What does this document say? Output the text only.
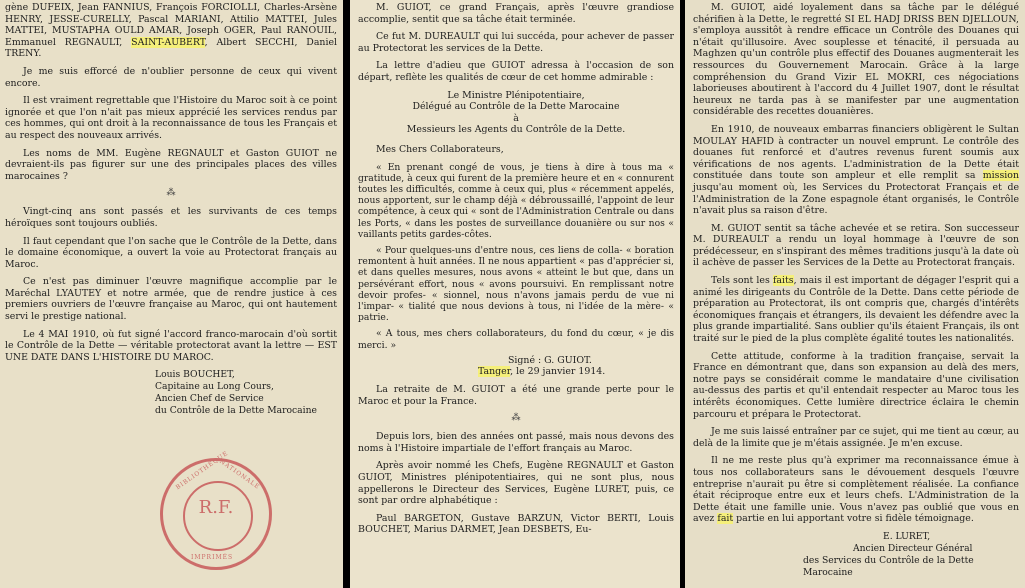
gène DUFEIX, Jean FANNIUS, François FORCIOLLI, Charles-Arsène HENRY, JESSE-CURELLY, Pascal MARIANI, Attilio MATTEI, Jules MATTEI, MUSTAPHA OULD AMAR, Joseph OGER, Paul RANOUIL, Emmanuel REGNAULT, SAINT-AUBERT, Albert SECCHI, Daniel TRENY.

Je me suis efforcé de n'oublier personne de ceux qui vivent encore.

Il est vraiment regrettable que l'Histoire du Maroc soit à ce point ignorée et que l'on n'ait pas mieux apprécié les services rendus par ces hommes, qui ont droit à la reconnaissance de tous les Français et au respect des nouveaux arrivés.

Les noms de MM. Eugène REGNAULT et Gaston GUIOT ne devraient-ils pas figurer sur une des principales places des villes marocaines ?

⁂

Vingt-cinq ans sont passés et les survivants de ces temps héroïques sont toujours oubliés.

Il faut cependant que l'on sache que le Contrôle de la Dette, dans le domaine économique, a ouvert la voie au Protectorat français au Maroc.

Ce n'est pas diminuer l'œuvre magnifique accomplie par le Maréchal LYAUTEY et notre armée, que de rendre justice à ces premiers ouvriers de l'œuvre française au Maroc, qui ont hautement servi le prestige national.

Le 4 MAI 1910, où fut signé l'accord franco-marocain d'où sortit le Contrôle de la Dette — véritable protectorat avant la lettre — EST UNE DATE DANS L'HISTOIRE DU MAROC.

Louis BOUCHET,
Capitaine au Long Cours,
Ancien Chef de Service
du Contrôle de la Dette Marocaine
BIBLIOTHÈQUE
NATIONALE
R.F.
IMPRIMÉS

M. GUIOT, ce grand Français, après l'œuvre grandiose accomplie, sentit que sa tâche était terminée.

Ce fut M. DUREAULT qui lui succéda, pour achever de passer au Protectorat les services de la Dette.

La lettre d'adieu que GUIOT adressa à l'occasion de son départ, reflète les qualités de cœur de cet homme admirable :

Le Ministre Plénipotentiaire,

Délégué au Contrôle de la Dette Marocaine

à

Messieurs les Agents du Contrôle de la Dette.

Mes Chers Collaborateurs,

« En prenant congé de vous, je tiens à dire à tous ma « gratitude, à ceux qui furent de la première heure et en « connurent toutes les difficultés, comme à ceux qui, plus « récemment appelés, nous apportent, sur le champ déjà « débroussaillé, l'appoint de leur compétence, à ceux qui « sont de l'Administration Centrale ou dans les Ports, « dans les postes de surveillance douanière ou sur nos « vaillants petits gardes-côtes.

« Pour quelques-uns d'entre nous, ces liens de colla- « boration remontent à huit années. Il ne nous appartient « pas d'apprécier si, et dans quelles mesures, nous avons « atteint le but que, dans un persévérant effort, nous « avons poursuivi. En remplissant notre devoir profes- « sionnel, nous n'avons jamais perdu de vue ni l'impar- « tialité que nous devions à tous, ni l'idée de la mère- « patrie.

« A tous, mes chers collaborateurs, du fond du cœur, « je dis merci. »

Signé : G. GUIOT.

Tanger, le 29 janvier 1914.

La retraite de M. GUIOT a été une grande perte pour le Maroc et pour la France.

⁂

Depuis lors, bien des années ont passé, mais nous devons des noms à l'Histoire impartiale de l'effort français au Maroc.

Après avoir nommé les Chefs, Eugène REGNAULT et Gaston GUIOT, Ministres plénipotentiaires, qui ne sont plus, nous appellerons le Directeur des Services, Eugène LURET, puis, ce sont par ordre alphabétique :

Paul BARGETON, Gustave BARZUN, Victor BERTI, Louis BOUCHET, Marius DARMET, Jean DESBETS, Eu-

M. GUIOT, aidé loyalement dans sa tâche par le délégué chérifien à la Dette, le regretté SI EL HADJ DRISS BEN DJELLOUN, s'employa aussitôt à rendre efficace un Contrôle des Douanes qui n'était qu'illusoire. Avec souplesse et ténacité, il persuada au Maghzen qu'un contrôle plus effectif des Douanes augmenterait les ressources du Gouvernement Marocain. Grâce à la large compréhension du Grand Vizir EL MOKRI, ces négociations laborieuses aboutirent à l'accord du 4 Juillet 1907, dont le résultat heureux ne tarda pas à se manifester par une augmentation considérable des recettes douanières.

En 1910, de nouveaux embarras financiers obligèrent le Sultan MOULAY HAFID à contracter un nouvel emprunt. Le contrôle des douanes fut renforcé et d'autres revenus furent soumis aux vérifications de nos agents. L'administration de la Dette était constituée dans toute son ampleur et elle remplit sa mission jusqu'au moment où, les Services du Protectorat Français et de l'Administration de la Zone espagnole étant organisés, le Contrôle n'avait plus sa raison d'être.

M. GUIOT sentit sa tâche achevée et se retira. Son successeur M. DUREAULT a rendu un loyal hommage à l'œuvre de son prédécesseur, en s'inspirant des mêmes traditions jusqu'à la date où il achève de passer les Services de la Dette au Protectorat français.

Tels sont les faits, mais il est important de dégager l'esprit qui a animé les dirigeants du Contrôle de la Dette. Dans cette période de préparation au Protectorat, ils ont compris que, chargés d'intérêts économiques français et étrangers, ils devaient les défendre avec la plus grande impartialité. Sans oublier qu'ils étaient Français, ils ont traité sur le pied de la plus complète égalité toutes les nationalités.

Cette attitude, conforme à la tradition française, servait la France en démontrant que, dans son expansion au delà des mers, notre pays se considérait comme le mandataire d'une civilisation au-dessus des partis et qu'il entendait respecter au Maroc tous les intérêts économiques. Cette lumière directrice éclaira le chemin parcouru et prépara le Protectorat.

Je me suis laissé entraîner par ce sujet, qui me tient au cœur, au delà de la limite que je m'étais assignée. Je m'en excuse.

Il ne me reste plus qu'à exprimer ma reconnaissance émue à tous nos collaborateurs sans le dévouement desquels l'œuvre entreprise n'aurait pu être si complètement réalisée. La confiance était réciproque entre eux et leurs chefs. L'Administration de la Dette était une famille unie. Vous n'avez pas oublié que vous en avez fait partie en lui apportant votre si fidèle témoignage.

E. LURET,
Ancien Directeur Général
des Services du Contrôle de la Dette Marocaine
